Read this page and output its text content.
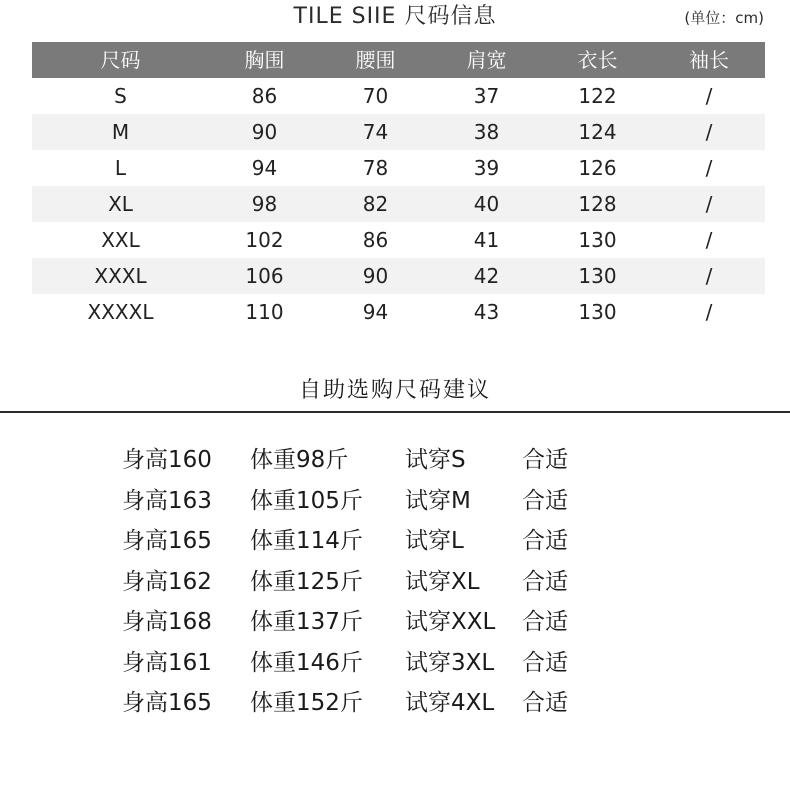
TILE SIIE 尺码信息	(单位：cm)
尺码	胸围	腰围	肩宽	衣长	袖长
S	86	70	37	122	/
M	90	74	38	124	/
L	94	78	39	126	/
XL	98	82	40	128	/
XXL	102	86	41	130	/
XXXL	106	90	42	130	/
XXXXL	110	94	43	130	/
自助选购尺码建议
身高160 体重98斤 试穿S 合适
身高163 体重105斤 试穿M 合适
身高165 体重114斤 试穿L	合适
身高162 体重125斤 试穿XL 合适
身高168 体重137斤 试穿XXL 合适
身高161 体重146斤 试穿3XL 合适
身高165 体重152斤 试穿4XL 合适
